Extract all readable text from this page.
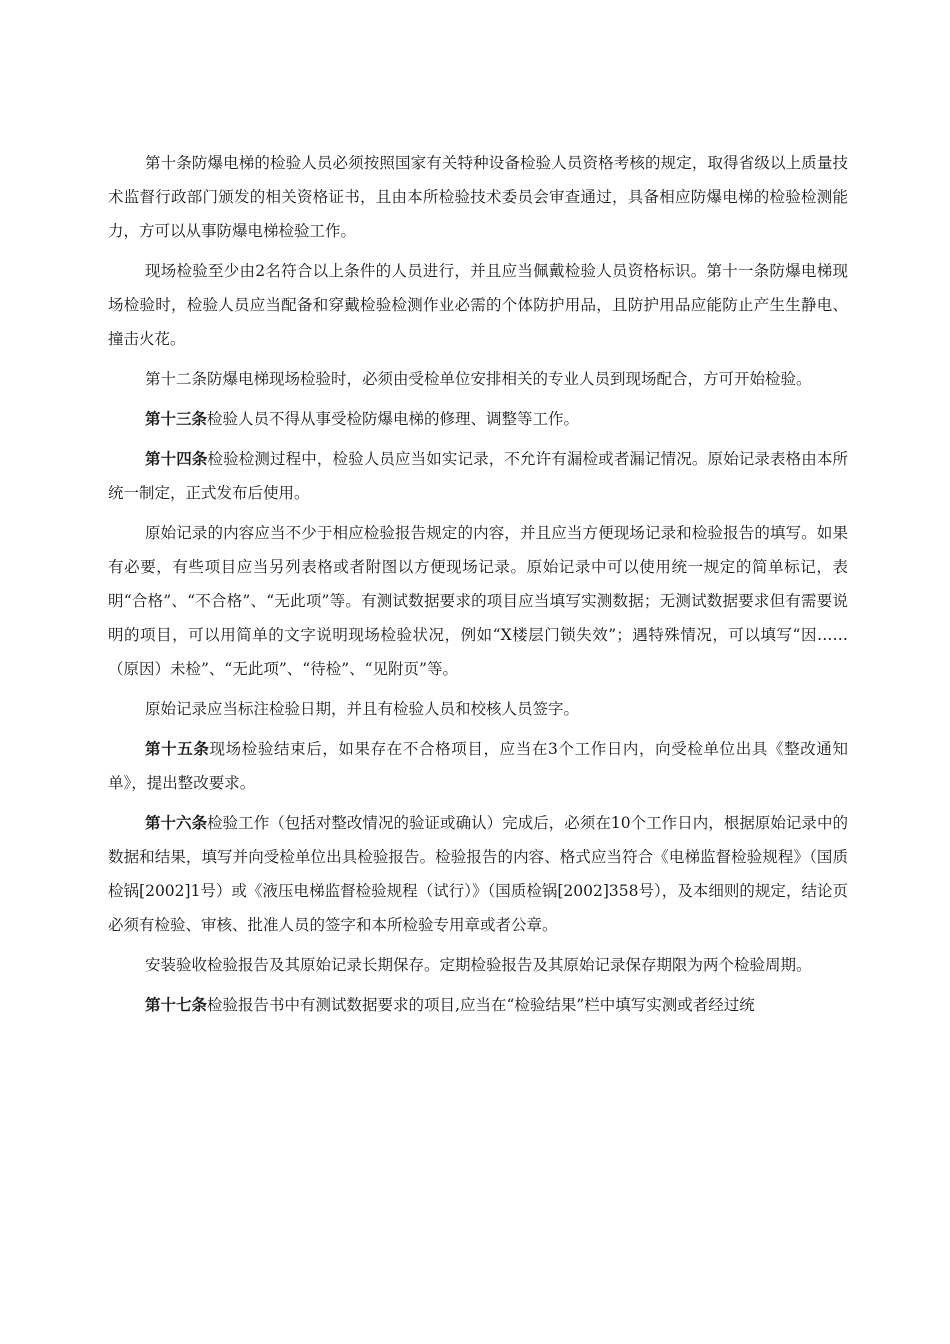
第十条防爆电梯的检验人员必须按照国家有关特种设备检验人员资格考核的规定，取得省级以上质量技术监督行政部门颁发的相关资格证书，且由本所检验技术委员会审查通过，具备相应防爆电梯的检验检测能力，方可以从事防爆电梯检验工作。

现场检验至少由2名符合以上条件的人员进行，并且应当佩戴检验人员资格标识。第十一条防爆电梯现场检验时，检验人员应当配备和穿戴检验检测作业必需的个体防护用品，且防护用品应能防止产生生静电、撞击火花。

第十二条防爆电梯现场检验时，必须由受检单位安排相关的专业人员到现场配合，方可开始检验。

第十三条检验人员不得从事受检防爆电梯的修理、调整等工作。

第十四条检验检测过程中，检验人员应当如实记录，不允许有漏检或者漏记情况。原始记录表格由本所统一制定，正式发布后使用。

原始记录的内容应当不少于相应检验报告规定的内容，并且应当方便现场记录和检验报告的填写。如果有必要，有些项目应当另列表格或者附图以方便现场记录。原始记录中可以使用统一规定的简单标记，表明“合格”、“不合格”、“无此项”等。有测试数据要求的项目应当填写实测数据；无测试数据要求但有需要说明的项目，可以用简单的文字说明现场检验状况，例如“X楼层门锁失效”；遇特殊情况，可以填写“因……（原因）未检”、“无此项”、“待检”、“见附页”等。

原始记录应当标注检验日期，并且有检验人员和校核人员签字。

第十五条现场检验结束后，如果存在不合格项目，应当在3个工作日内，向受检单位出具《整改通知单》，提出整改要求。

第十六条检验工作（包括对整改情况的验证或确认）完成后，必须在10个工作日内，根据原始记录中的数据和结果，填写并向受检单位出具检验报告。检验报告的内容、格式应当符合《电梯监督检验规程》（国质检锅[2002]1号）或《液压电梯监督检验规程（试行）》（国质检锅[2002]358号），及本细则的规定，结论页必须有检验、审核、批准人员的签字和本所检验专用章或者公章。

安装验收检验报告及其原始记录长期保存。定期检验报告及其原始记录保存期限为两个检验周期。

第十七条检验报告书中有测试数据要求的项目,应当在“检验结果”栏中填写实测或者经过统
